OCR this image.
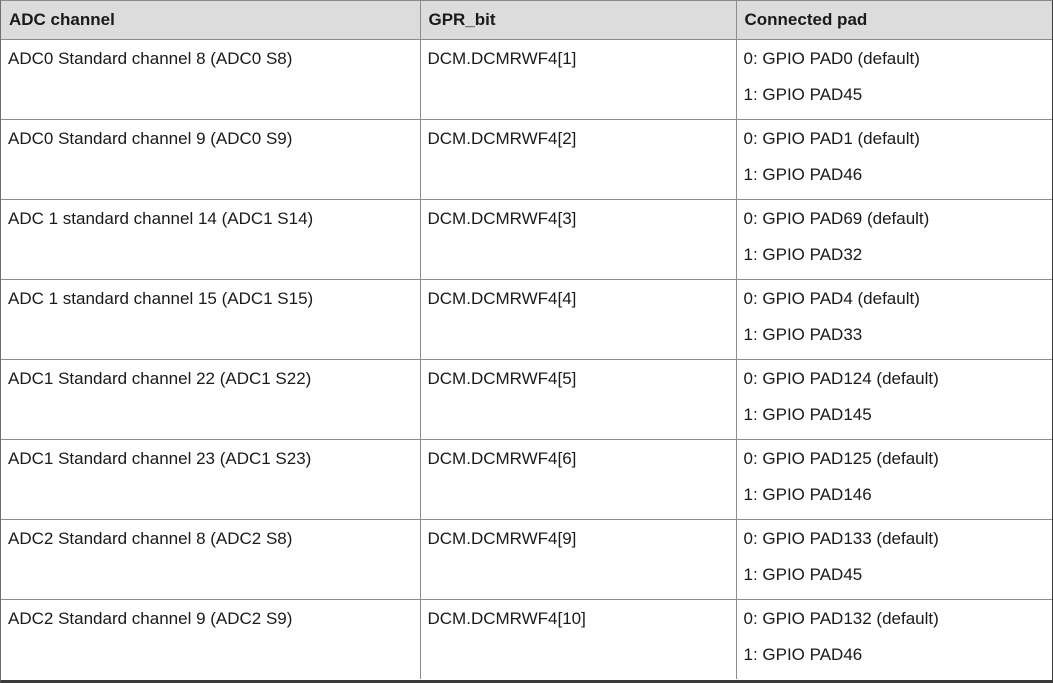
ADC channel	GPR_bit	Connected pad

ADC0 Standard channel 8 (ADC0 S8)	DCM.DCMRWF4[1]	0: GPIO PAD0 (default)
1: GPIO PAD45

ADC0 Standard channel 9 (ADC0 S9)	DCM.DCMRWF4[2]	0: GPIO PAD1 (default)
1: GPIO PAD46

ADC 1 standard channel 14 (ADC1 S14)	DCM.DCMRWF4[3]	0: GPIO PAD69 (default)
1: GPIO PAD32

ADC 1 standard channel 15 (ADC1 S15)	DCM.DCMRWF4[4]	0: GPIO PAD4 (default)
1: GPIO PAD33

ADC1 Standard channel 22 (ADC1 S22)	DCM.DCMRWF4[5]	0: GPIO PAD124 (default)
1: GPIO PAD145

ADC1 Standard channel 23 (ADC1 S23)	DCM.DCMRWF4[6]	0: GPIO PAD125 (default)
1: GPIO PAD146

ADC2 Standard channel 8 (ADC2 S8)	DCM.DCMRWF4[9]	0: GPIO PAD133 (default)
1: GPIO PAD45

ADC2 Standard channel 9 (ADC2 S9)	DCM.DCMRWF4[10]	0: GPIO PAD132 (default)
1: GPIO PAD46
